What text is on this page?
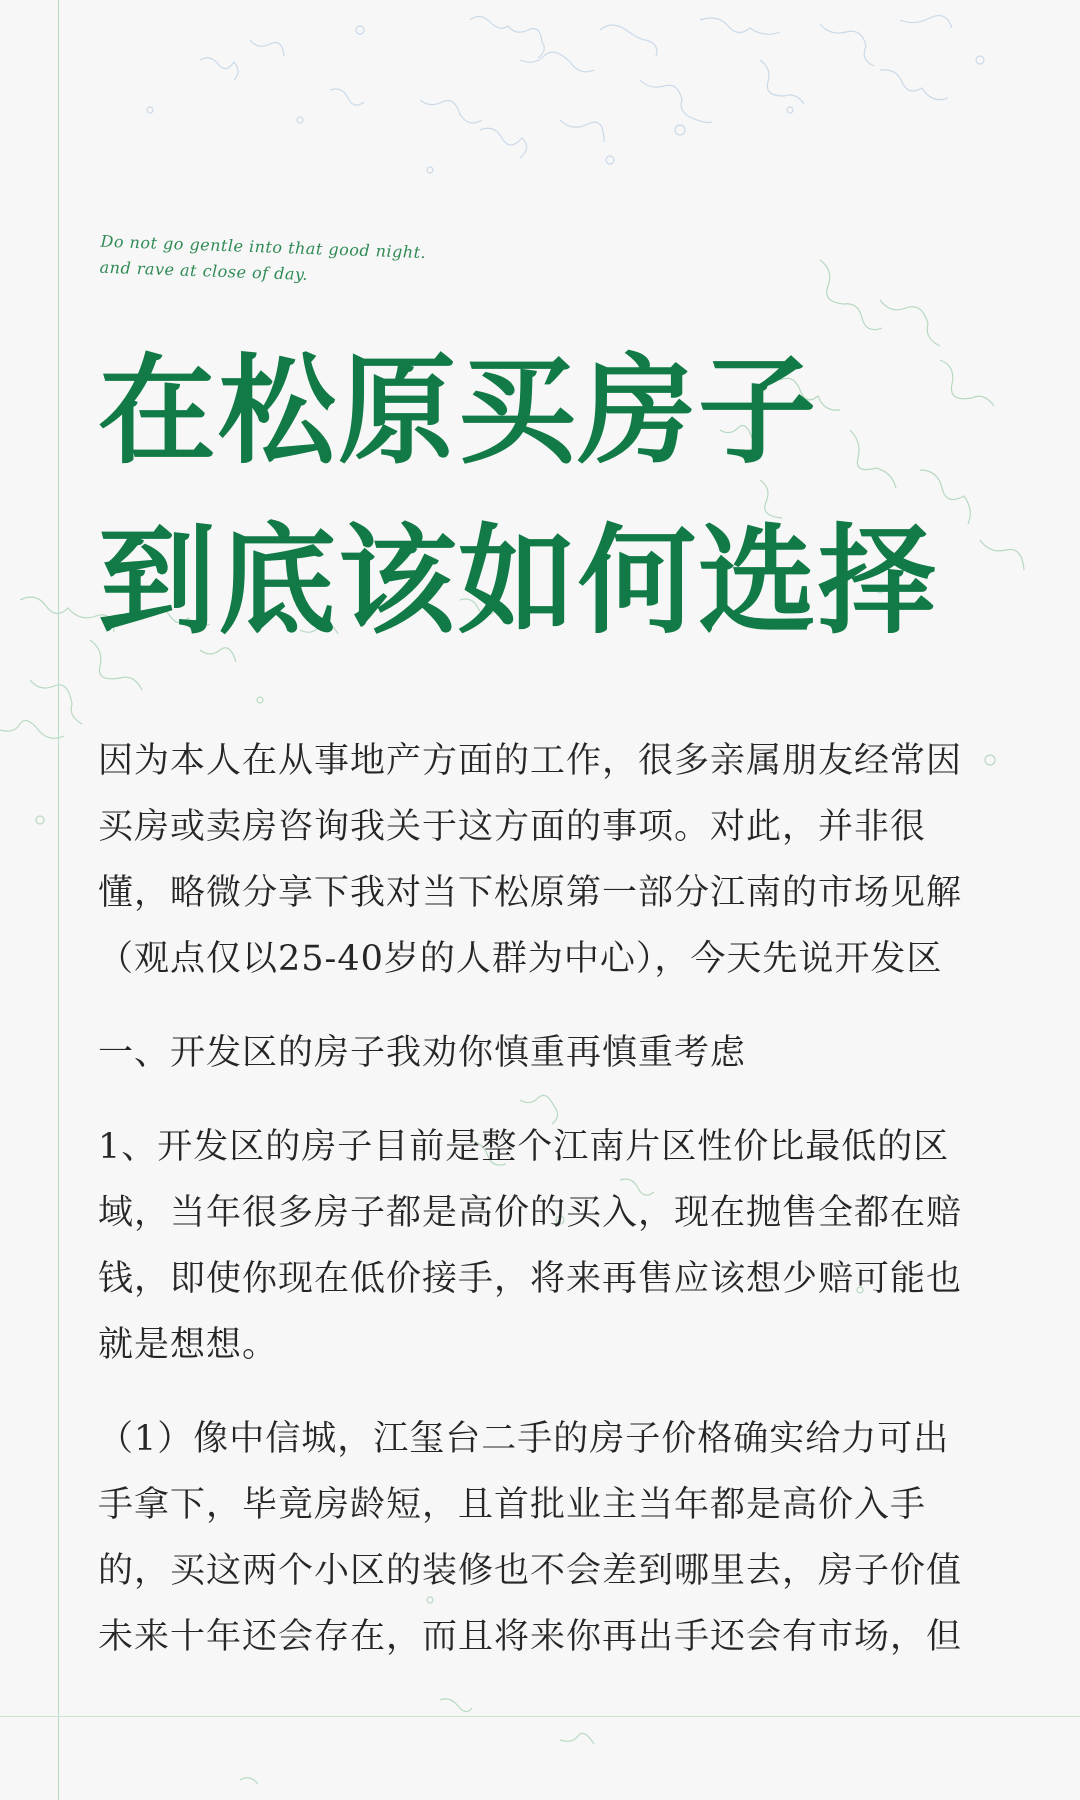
Do not go gentle into that good night.
and rave at close of day.
在松原买房子
到底该如何选择

因为本人在从事地产方面的工作，很多亲属朋友经常因
买房或卖房咨询我关于这方面的事项。对此，并非很
懂，略微分享下我对当下松原第一部分江南的市场见解
（观点仅以25-40岁的人群为中心），今天先说开发区

一、开发区的房子我劝你慎重再慎重考虑

1、开发区的房子目前是整个江南片区性价比最低的区
域，当年很多房子都是高价的买入，现在抛售全都在赔
钱，即使你现在低价接手，将来再售应该想少赔可能也
就是想想。

（1）像中信城，江玺台二手的房子价格确实给力可出
手拿下，毕竟房龄短，且首批业主当年都是高价入手
的，买这两个小区的装修也不会差到哪里去，房子价值
未来十年还会存在，而且将来你再出手还会有市场，但
